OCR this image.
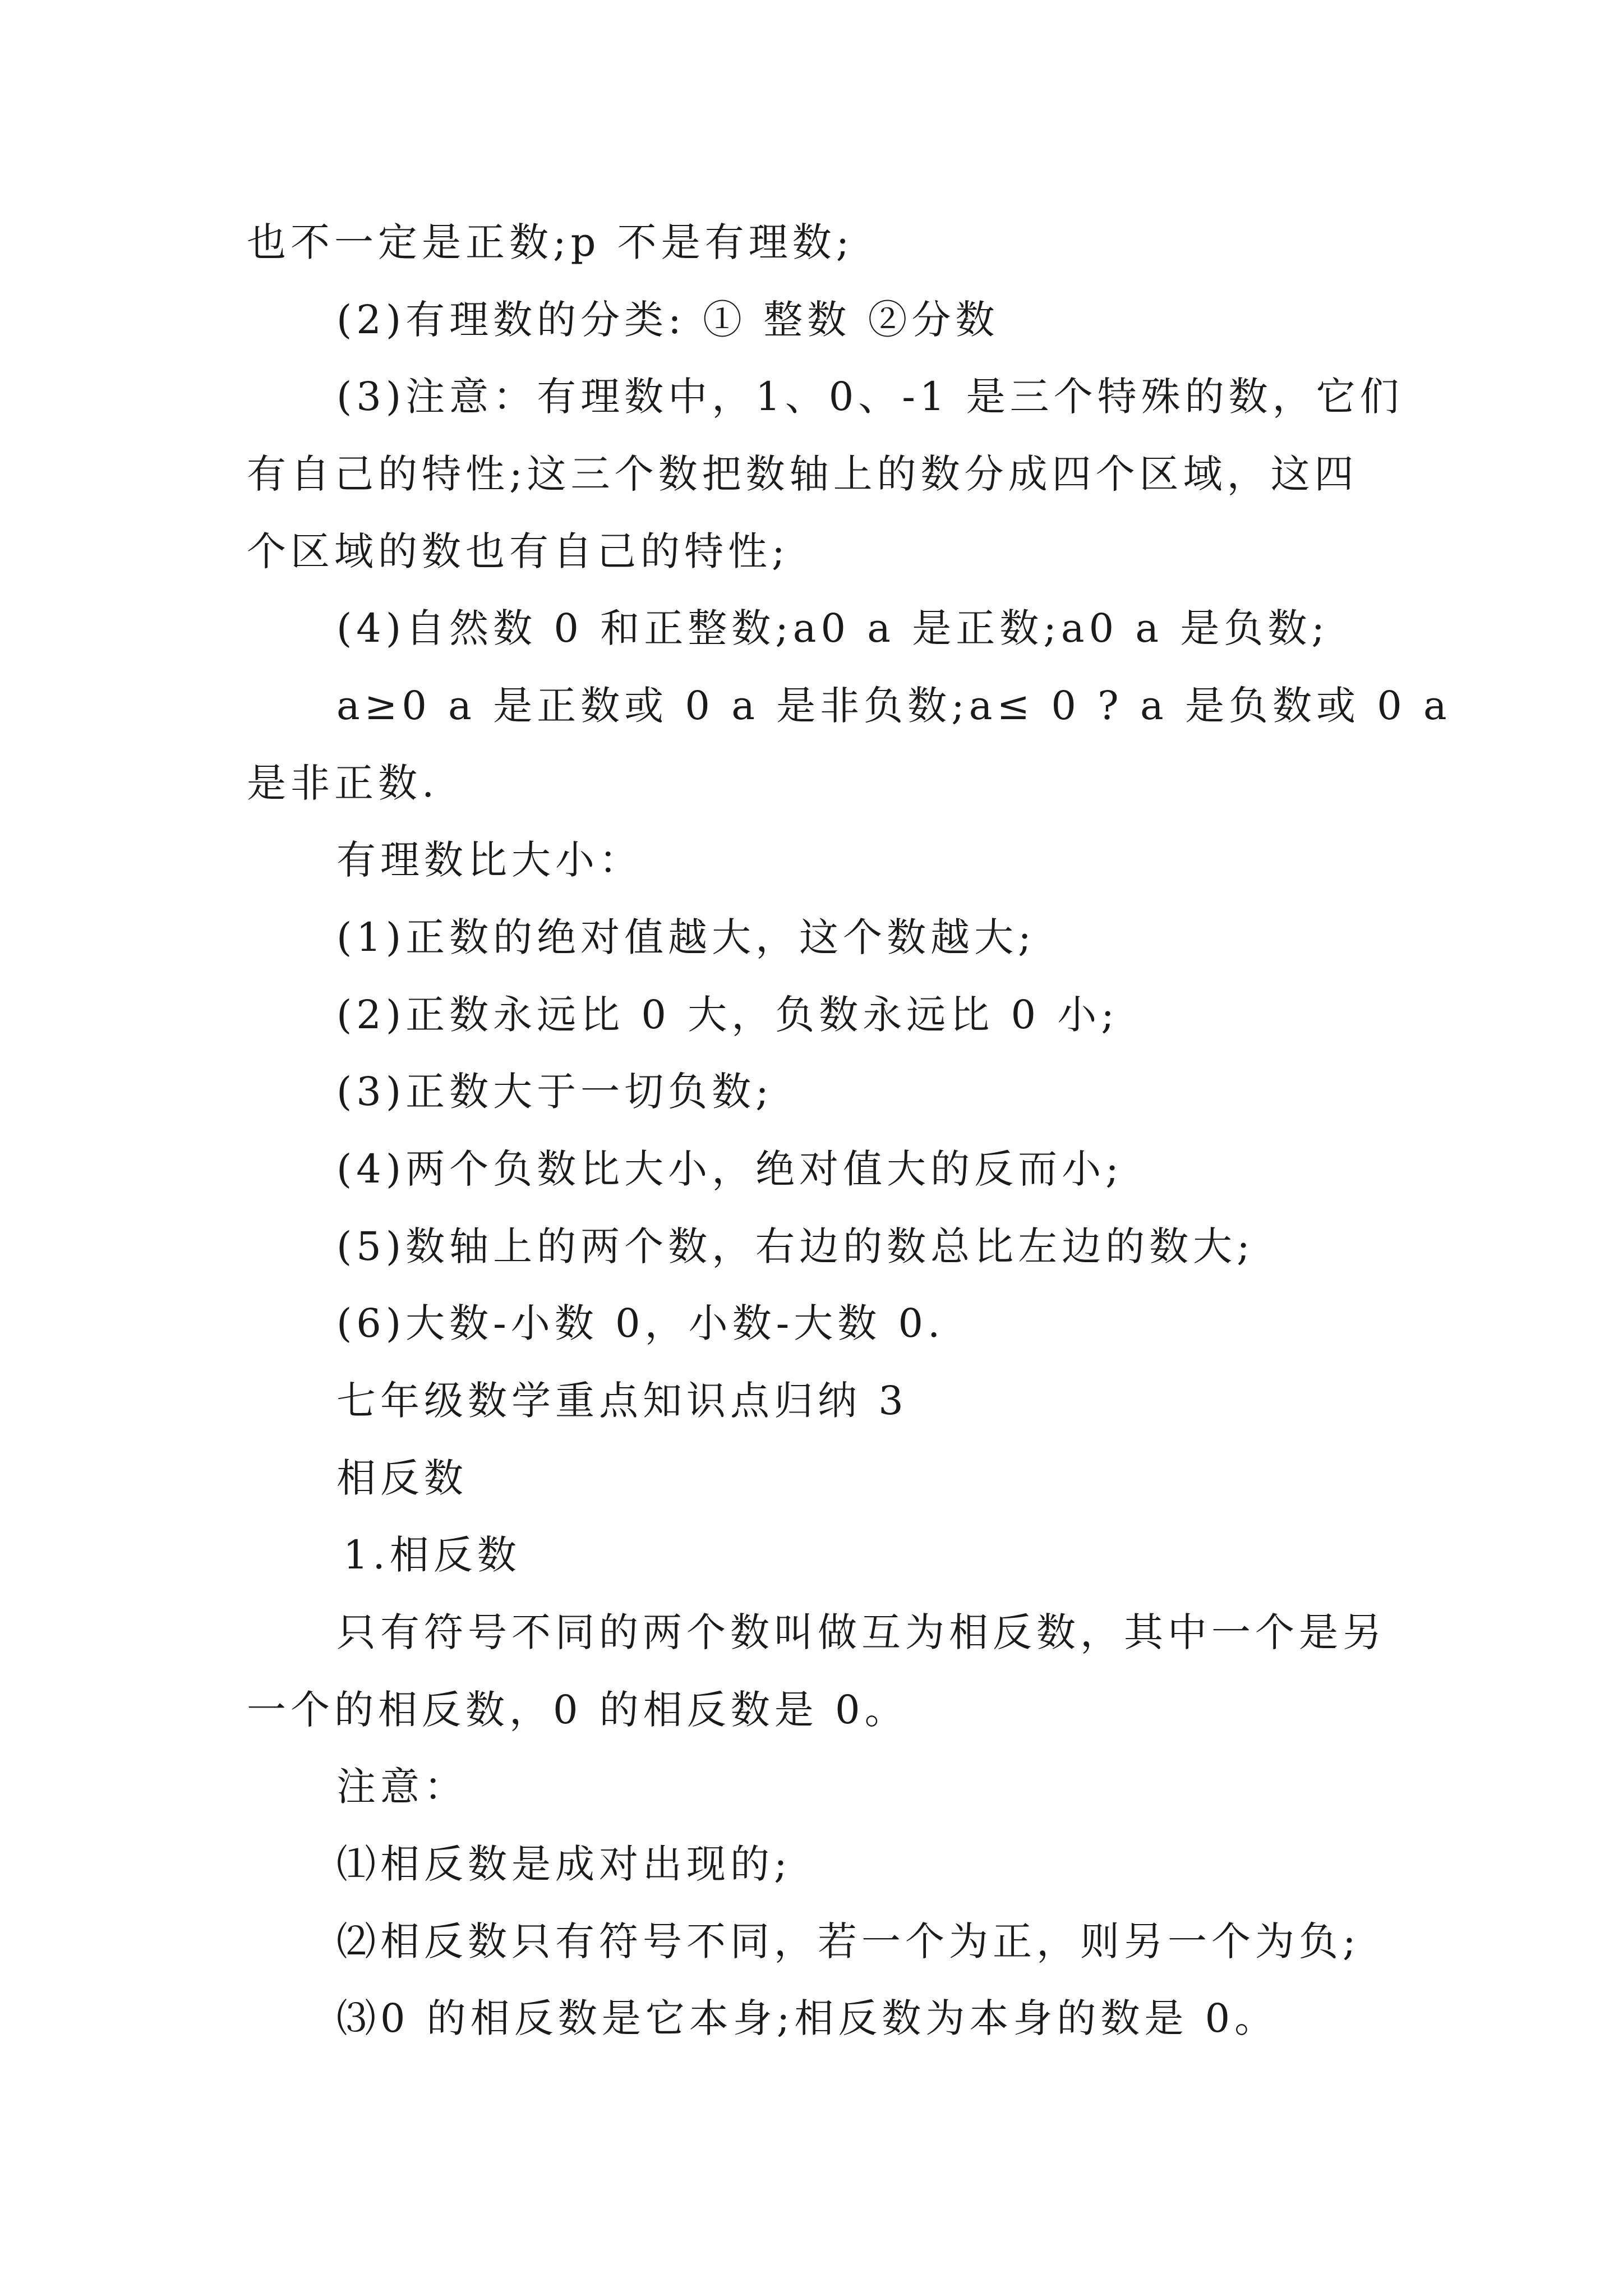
也不一定是正数;p 不是有理数;
(2)有理数的分类: ① 整数 ②分数
(3)注意：有理数中，1、0、-1 是三个特殊的数，它们
有自己的特性;这三个数把数轴上的数分成四个区域，这四
个区域的数也有自己的特性;
(4)自然数 0 和正整数;a0 a 是正数;a0 a 是负数;
a≥0 a 是正数或 0 a 是非负数;a≤ 0 ? a 是负数或 0 a
是非正数.
有理数比大小：
(1)正数的绝对值越大，这个数越大;
(2)正数永远比 0 大，负数永远比 0 小;
(3)正数大于一切负数;
(4)两个负数比大小，绝对值大的反而小;
(5)数轴上的两个数，右边的数总比左边的数大;
(6)大数-小数 0，小数-大数 0.
七年级数学重点知识点归纳 3
相反数
1.相反数
只有符号不同的两个数叫做互为相反数，其中一个是另
一个的相反数，0 的相反数是 0。
注意：
⑴相反数是成对出现的;
⑵相反数只有符号不同，若一个为正，则另一个为负;
⑶0 的相反数是它本身;相反数为本身的数是 0。
